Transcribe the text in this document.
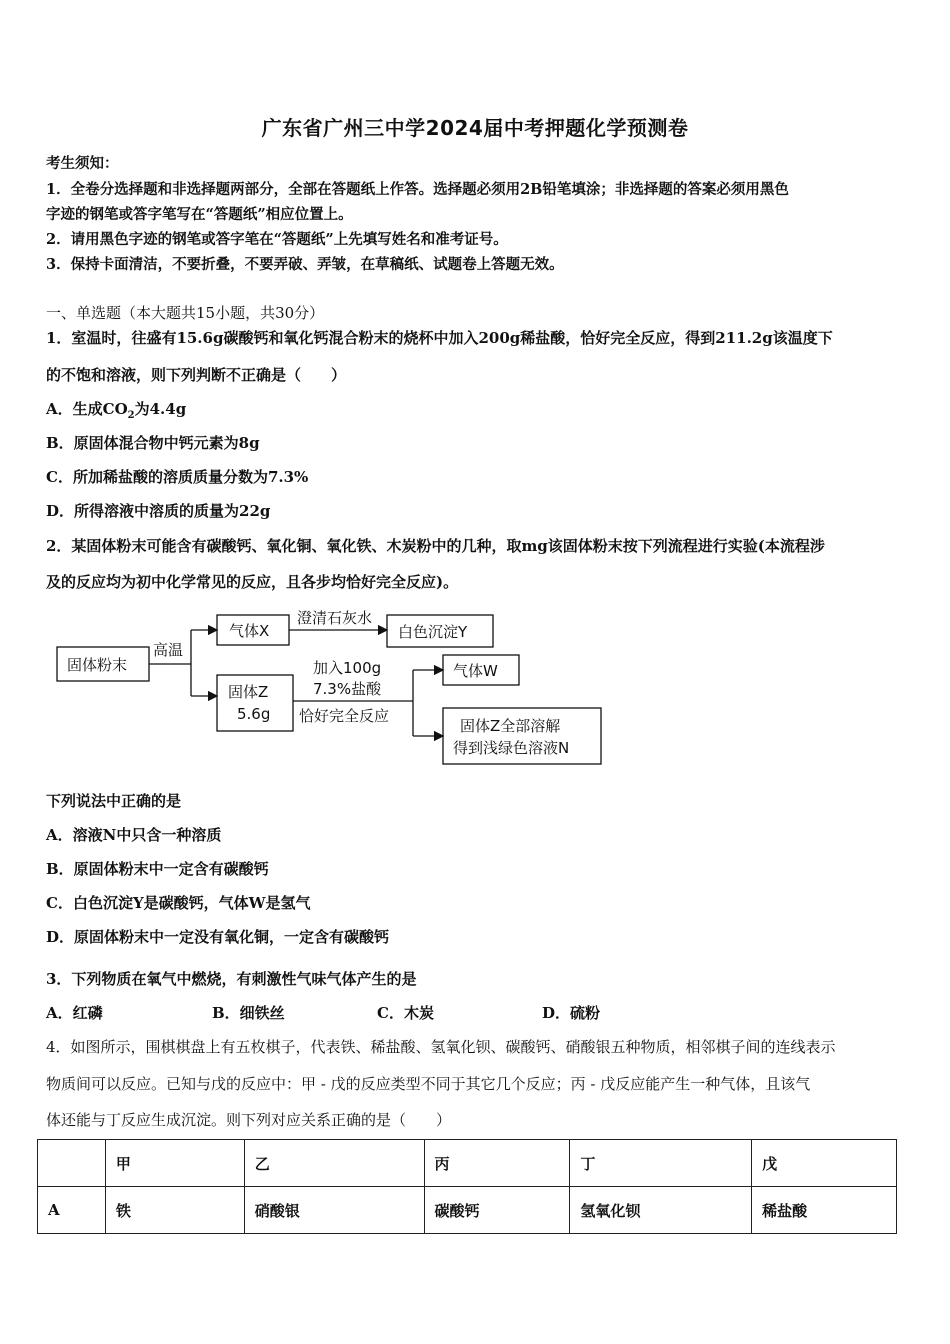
广东省广州三中学2024届中考押题化学预测卷
考生须知：
1．全卷分选择题和非选择题两部分，全部在答题纸上作答。选择题必须用2B铅笔填涂；非选择题的答案必须用黑色
字迹的钢笔或答字笔写在“答题纸”相应位置上。
2．请用黑色字迹的钢笔或答字笔在“答题纸”上先填写姓名和准考证号。
3．保持卡面清洁，不要折叠，不要弄破、弄皱，在草稿纸、试题卷上答题无效。
一、单选题（本大题共15小题，共30分）
1．室温时，往盛有15.6g碳酸钙和氧化钙混合粉末的烧杯中加入200g稀盐酸，恰好完全反应，得到211.2g该温度下
的不饱和溶液，则下列判断不正确是（　　）
A．生成$CO_2$为4.4g
B．原固体混合物中钙元素为8g
C．所加稀盐酸的溶质质量分数为7.3%
D．所得溶液中溶质的质量为22g
2．某固体粉末可能含有碳酸钙、氧化铜、氧化铁、木炭粉中的几种，取mg该固体粉末按下列流程进行实验(本流程涉
及的反应均为初中化学常见的反应，且各步均恰好完全反应)。
固体粉末
高温
气体X
澄清石灰水
白色沉淀Y
固体Z
5.6g
加入100g
7.3%盐酸
恰好完全反应
气体W
固体Z全部溶解
得到浅绿色溶液N
下列说法中正确的是
A．溶液N中只含一种溶质
B．原固体粉末中一定含有碳酸钙
C．白色沉淀Y是碳酸钙，气体W是氢气
D．原固体粉末中一定没有氧化铜，一定含有碳酸钙
3．下列物质在氧气中燃烧，有刺激性气味气体产生的是
A．红磷	B．细铁丝	C．木炭	D．硫粉
4．如图所示，围棋棋盘上有五枚棋子，代表铁、稀盐酸、氢氧化钡、碳酸钙、硝酸银五种物质，相邻棋子间的连线表示
物质间可以反应。已知与戊的反应中：甲 - 戊的反应类型不同于其它几个反应；丙 - 戊反应能产生一种气体，且该气
体还能与丁反应生成沉淀。则下列对应关系正确的是（　　）
	甲	乙	丙	丁	戊
A	铁	硝酸银	碳酸钙	氢氧化钡	稀盐酸
